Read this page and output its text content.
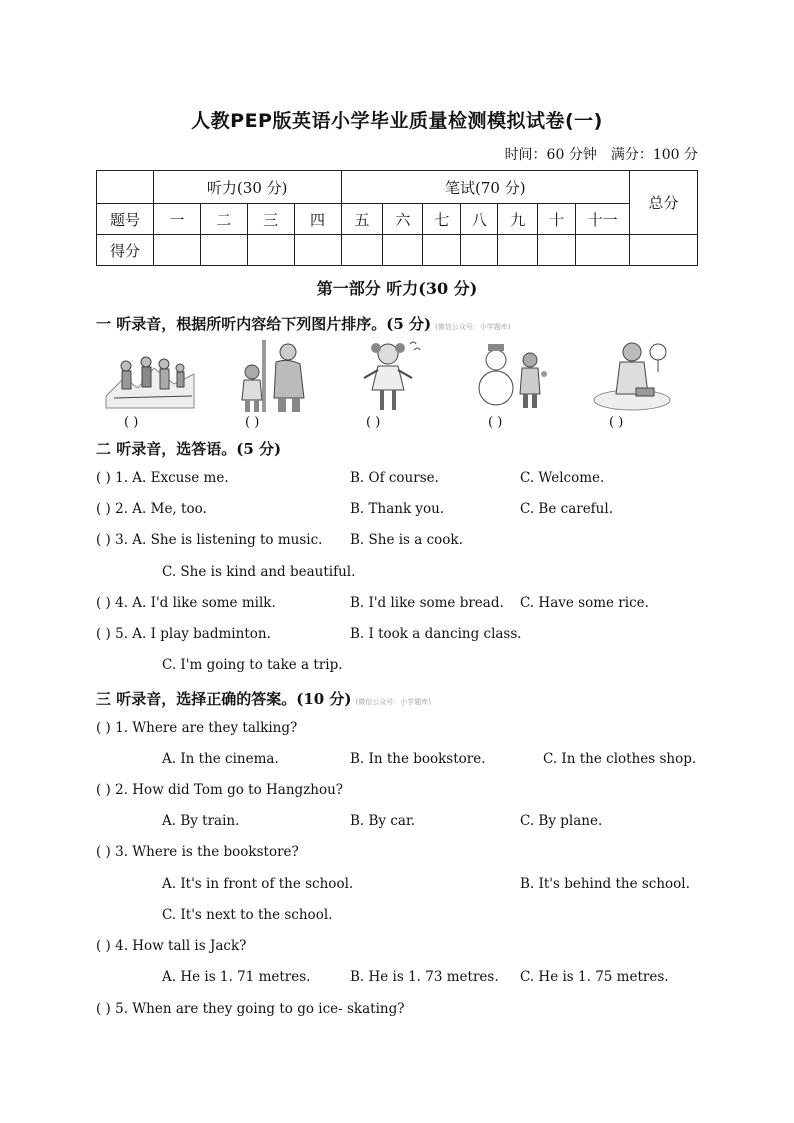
人教PEP版英语小学毕业质量检测模拟试卷(一)
时间：60 分钟 满分：100 分
	听力(30 分)				笔试(70 分)							总分
题号	一	二	三	四	五	六	七	八	九	十	十一	
得分												
第一部分 听力(30 分)
一 听录音，根据所听内容给下列图片排序。(5 分) (微信公众号：小学题库)
( )	( )	( )	( )	( )
二 听录音，选答语。(5 分)
( ) 1. A. Excuse me.	B. Of course.	C. Welcome.
( ) 2. A. Me, too.	B. Thank you.	C. Be careful.
( ) 3. A. She is listening to music. B. She is a cook.
C. She is kind and beautiful.
( ) 4. A. I'd like some milk.	B. I'd like some bread. C. Have some rice.
( ) 5. A. I play badminton.	B. I took a dancing class.
C. I'm going to take a trip.
三 听录音，选择正确的答案。(10 分) (微信公众号：小学题库)
( ) 1. Where are they talking?
A. In the cinema.	B. In the bookstore.	C. In the clothes shop.
( ) 2. How did Tom go to Hangzhou?
A. By train.	B. By car.	C. By plane.
( ) 3. Where is the bookstore?
A. It's in front of the school.	B. It's behind the school.
C. It's next to the school.
( ) 4. How tall is Jack?
A. He is 1. 71 metres.	B. He is 1. 73 metres. C. He is 1. 75 metres.
( ) 5. When are they going to go ice- skating?
